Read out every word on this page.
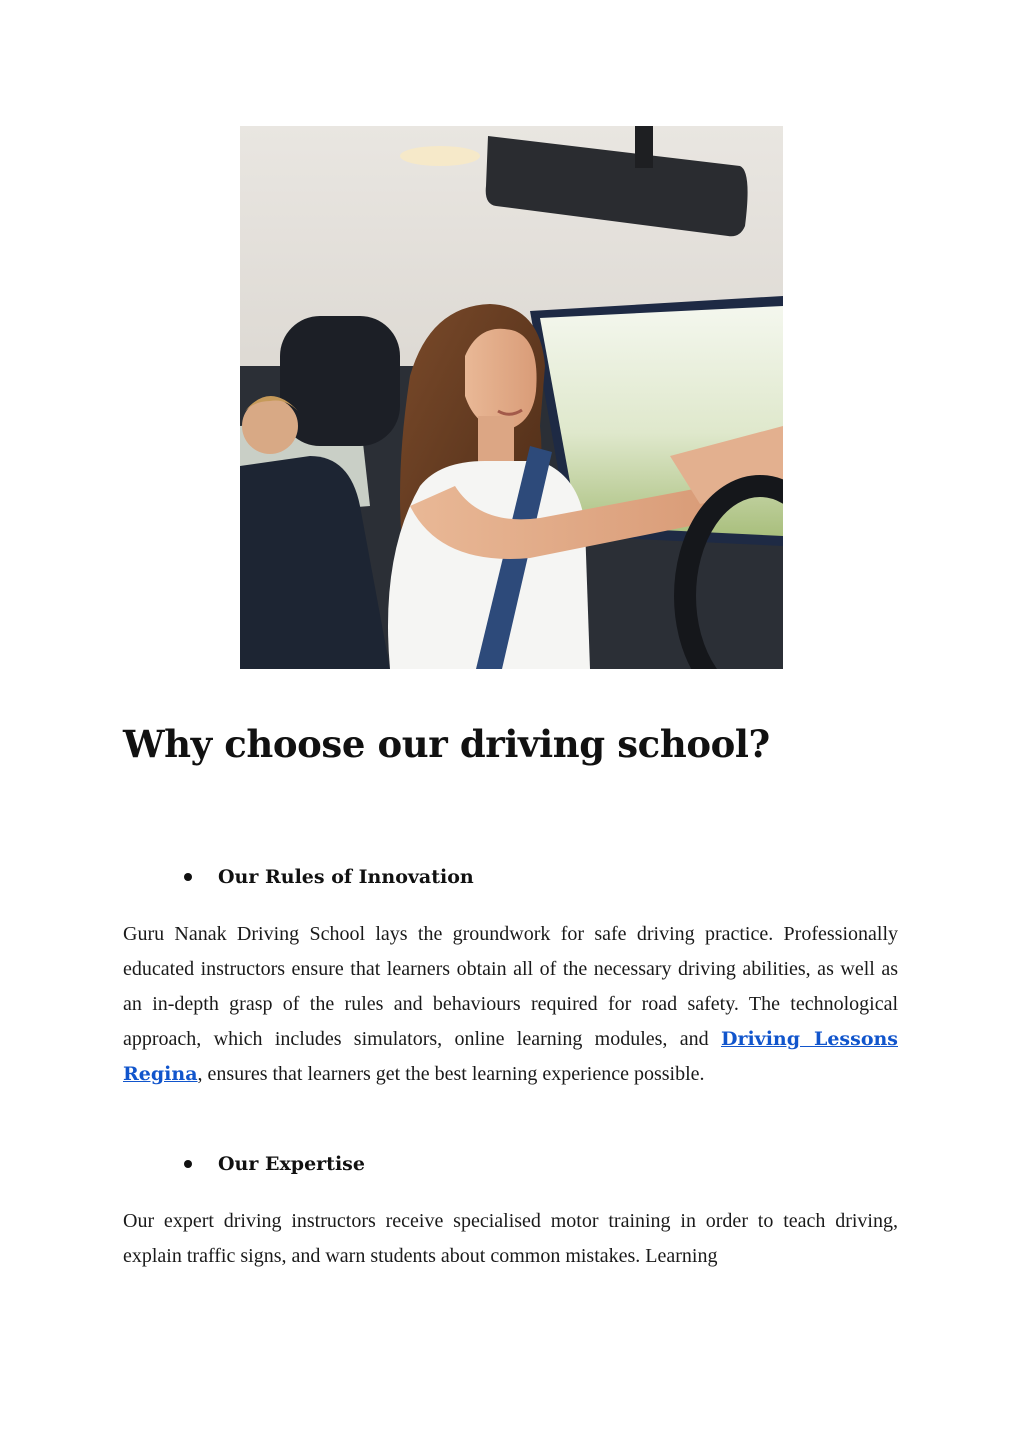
Why choose our driving school?
Our Rules of Innovation

Guru Nanak Driving School lays the groundwork for safe driving practice. Professionally educated instructors ensure that learners obtain all of the necessary driving abilities, as well as an in-depth grasp of the rules and behaviours required for road safety. The technological approach, which includes simulators, online learning modules, and Driving Lessons Regina, ensures that learners get the best learning experience possible.

Our Expertise

Our expert driving instructors receive specialised motor training in order to teach driving, explain traffic signs, and warn students about common mistakes. Learning
